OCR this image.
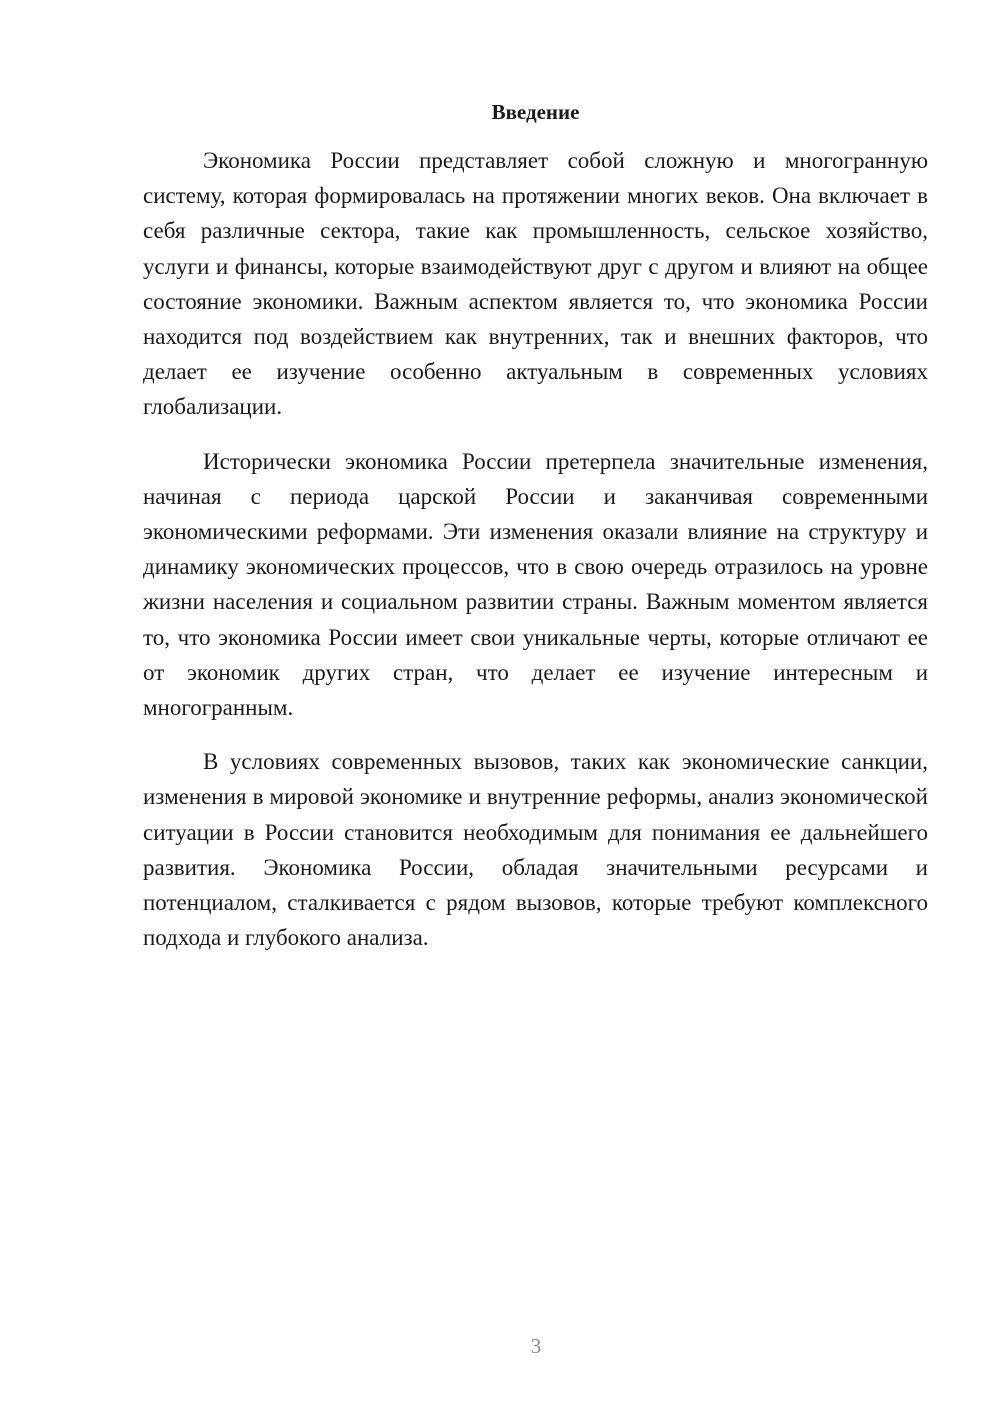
Введение

Экономика России представляет собой сложную и многогранную систему, которая формировалась на протяжении многих веков. Она включает в себя различные сектора, такие как промышленность, сельское хозяйство, услуги и финансы, которые взаимодействуют друг с другом и влияют на общее состояние экономики. Важным аспектом является то, что экономика России находится под воздействием как внутренних, так и внешних факторов, что делает ее изучение особенно актуальным в современных условиях глобализации.

Исторически экономика России претерпела значительные изменения, начиная с периода царской России и заканчивая современными экономическими реформами. Эти изменения оказали влияние на структуру и динамику экономических процессов, что в свою очередь отразилось на уровне жизни населения и социальном развитии страны. Важным моментом является то, что экономика России имеет свои уникальные черты, которые отличают ее от экономик других стран, что делает ее изучение интересным и многогранным.

В условиях современных вызовов, таких как экономические санкции, изменения в мировой экономике и внутренние реформы, анализ экономической ситуации в России становится необходимым для понимания ее дальнейшего развития. Экономика России, обладая значительными ресурсами и потенциалом, сталкивается с рядом вызовов, которые требуют комплексного подхода и глубокого анализа.

3
